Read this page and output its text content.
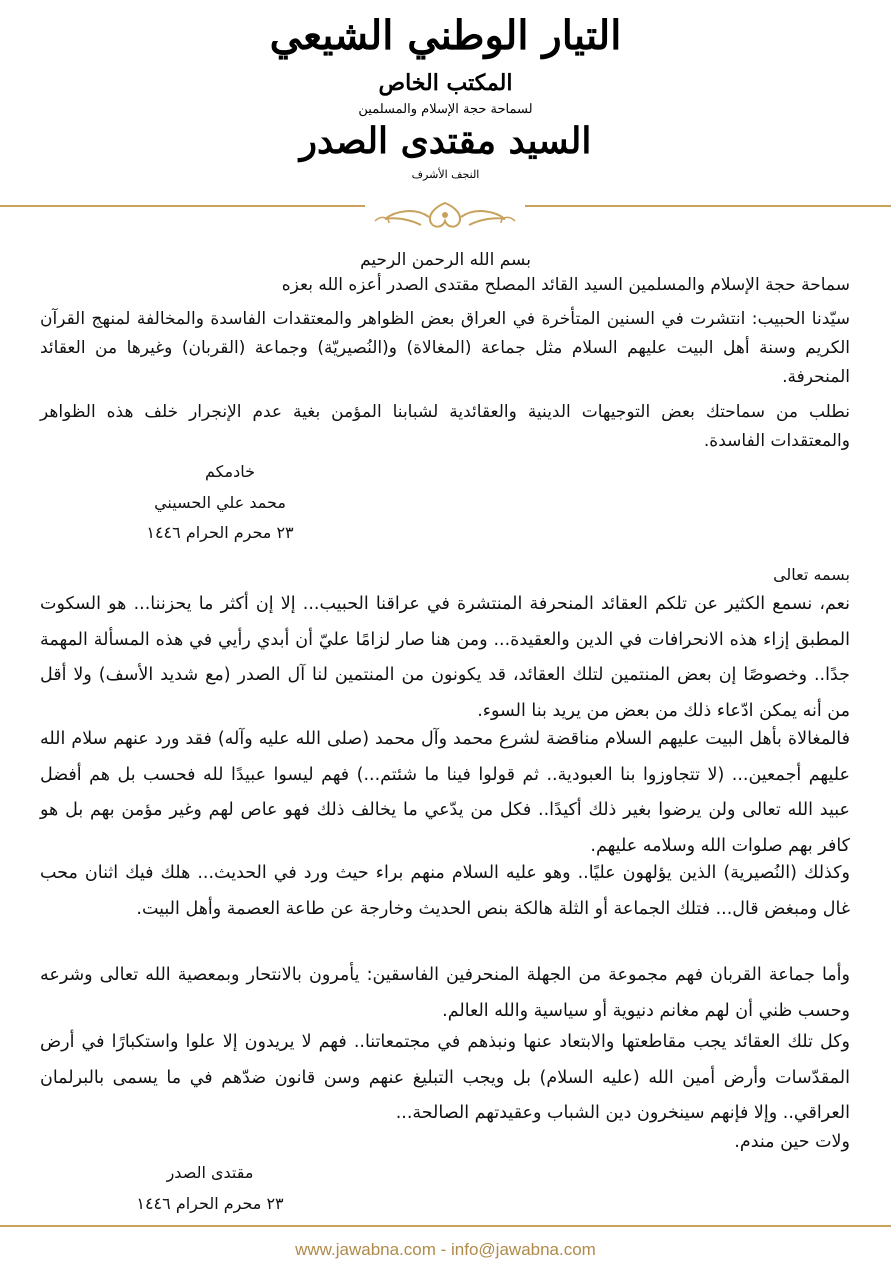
التيار الوطني الشيعي
المكتب الخاص
لسماحة حجة الإسلام والمسلمين
السيد مقتدى الصدر
النجف الأشرف
بسم الله الرحمن الرحيم
سماحة حجة الإسلام والمسلمين السيد القائد المصلح مقتدى الصدر أعزه الله بعزه
سيّدنا الحبيب: انتشرت في السنين المتأخرة في العراق بعض الظواهر والمعتقدات الفاسدة والمخالفة لمنهج القرآن الكريم وسنة أهل البيت عليهم السلام مثل جماعة (المغالاة) و(النُصيريّة) وجماعة (القربان) وغيرها من العقائد المنحرفة.
نطلب من سماحتك بعض التوجيهات الدينية والعقائدية لشبابنا المؤمن بغية عدم الإنجرار خلف هذه الظواهر والمعتقدات الفاسدة.
خادمكم
محمد علي الحسيني
٢٣ محرم الحرام ١٤٤٦
بسمه تعالى
نعم، نسمع الكثير عن تلكم العقائد المنحرفة المنتشرة في عراقنا الحبيب... إلا إن أكثر ما يحزننا... هو السكوت المطبق إزاء هذه الانحرافات في الدين والعقيدة... ومن هنا صار لزامًا عليّ أن أبدي رأيي في هذه المسألة المهمة جدًا.. وخصوصًا إن بعض المنتمين لتلك العقائد، قد يكونون من المنتمين لنا آل الصدر (مع شديد الأسف) ولا أقل من أنه يمكن ادّعاء ذلك من بعض من يريد بنا السوء.
فالمغالاة بأهل البيت عليهم السلام مناقضة لشرع محمد وآل محمد (صلى الله عليه وآله) فقد ورد عنهم سلام الله عليهم أجمعين... (لا تتجاوزوا بنا العبودية.. ثم قولوا فينا ما شئتم...) فهم ليسوا عبيدًا لله فحسب بل هم أفضل عبيد الله تعالى ولن يرضوا بغير ذلك أكيدًا.. فكل من يدّعي ما يخالف ذلك فهو عاص لهم وغير مؤمن بهم بل هو كافر بهم صلوات الله وسلامه عليهم.
وكذلك (النُصيرية) الذين يؤلهون عليًا.. وهو عليه السلام منهم براء حيث ورد في الحديث... هلك فيك اثنان محب غال ومبغض قال... فتلك الجماعة أو الثلة هالكة بنص الحديث وخارجة عن طاعة العصمة وأهل البيت.
وأما جماعة القربان فهم مجموعة من الجهلة المنحرفين الفاسقين: يأمرون بالانتحار وبمعصية الله تعالى وشرعه وحسب ظني أن لهم مغانم دنيوية أو سياسية والله العالم.
وكل تلك العقائد يجب مقاطعتها والابتعاد عنها ونبذهم في مجتمعاتنا.. فهم لا يريدون إلا علوا واستكبارًا في أرض المقدّسات وأرض أمين الله (عليه السلام) بل ويجب التبليغ عنهم وسن قانون ضدّهم في ما يسمى بالبرلمان العراقي.. وإلا فإنهم سينخرون دين الشباب وعقيدتهم الصالحة...
ولات حين مندم.
مقتدى الصدر
٢٣ محرم الحرام ١٤٤٦
www.jawabna.com - info@jawabna.com
